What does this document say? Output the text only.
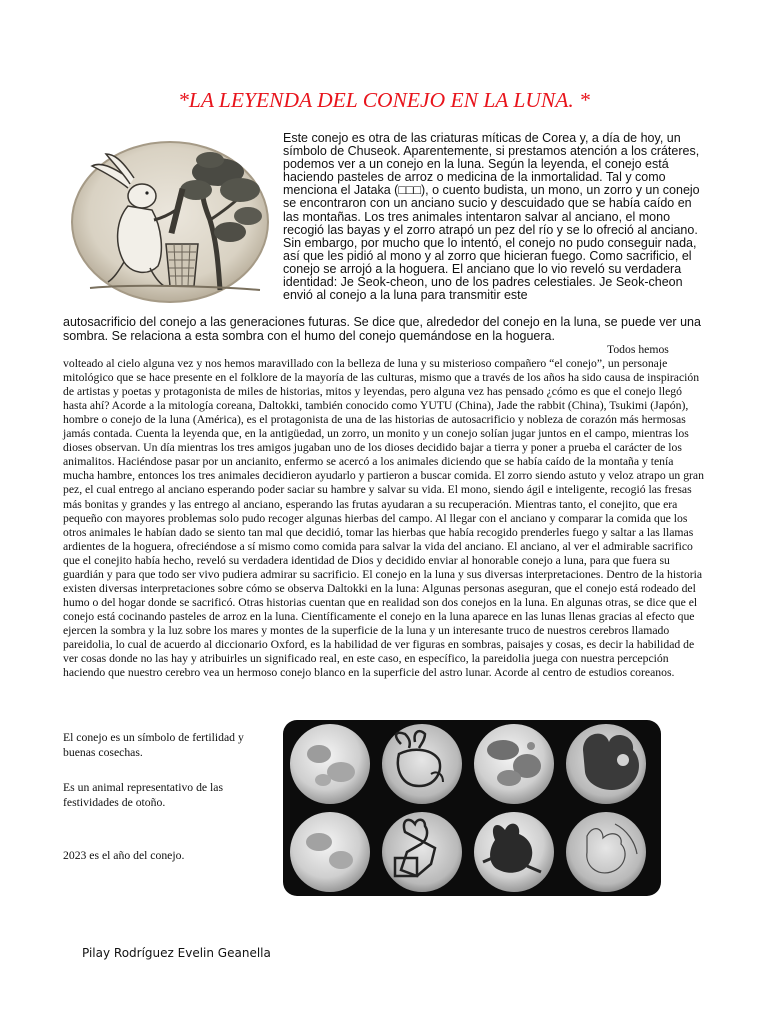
*LA LEYENDA DEL CONEJO EN LA LUNA. *

Este conejo es otra de las criaturas míticas de Corea y, a día de hoy, un símbolo de Chuseok. Aparentemente, si prestamos atención a los cráteres, podemos ver a un conejo en la luna. Según la leyenda, el conejo está haciendo pasteles de arroz o medicina de la inmortalidad. Tal y como menciona el Jataka (□□□), o cuento budista, un mono, un zorro y un conejo se encontraron con un anciano sucio y descuidado que se había caído en las montañas. Los tres animales intentaron salvar al anciano, el mono recogió las bayas y el zorro atrapó un pez del río y se lo ofreció al anciano. Sin embargo, por mucho que lo intentó, el conejo no pudo conseguir nada, así que les pidió al mono y al zorro que hicieran fuego. Como sacrificio, el conejo se arrojó a la hoguera. El anciano que lo vio reveló su verdadera identidad: Je Seok-cheon, uno de los padres celestiales. Je Seok-cheon envió al conejo a la luna para transmitir este

autosacrificio del conejo a las generaciones futuras. Se dice que, alrededor del conejo en la luna, se puede ver una sombra. Se relaciona a esta sombra con el humo del conejo quemándose en la hoguera.

Todos hemos volteado al cielo alguna vez y nos hemos maravillado con la belleza de luna y su misterioso compañero “el conejo”, un personaje mitológico que se hace presente en el folklore de la mayoría de las culturas, mismo que a través de los años ha sido causa de inspiración de artistas y poetas y protagonista de miles de historias, mitos y leyendas, pero alguna vez has pensado ¿cómo es que el conejo llegó hasta ahí? Acorde a la mitología coreana, Daltokki, también conocido como YUTU (China), Jade the rabbit (China), Tsukimi (Japón), hombre o conejo de la luna (América), es el protagonista de una de las historias de autosacrificio y nobleza de corazón más hermosas jamás contada. Cuenta la leyenda que, en la antigüedad, un zorro, un monito y un conejo solían jugar juntos en el campo, mientras los dioses observan. Un día mientras los tres amigos jugaban uno de los dioses decidido bajar a tierra y poner a prueba el carácter de los animalitos. Haciéndose pasar por un ancianito, enfermo se acercó a los animales diciendo que se había caído de la montaña y tenía mucha hambre, entonces los tres animales decidieron ayudarlo y partieron a buscar comida. El zorro siendo astuto y veloz atrapo un gran pez, el cual entrego al anciano esperando poder saciar su hambre y salvar su vida. El mono, siendo ágil e inteligente, recogió las fresas más bonitas y grandes y las entrego al anciano, esperando las frutas ayudaran a su recuperación. Mientras tanto, el conejito, que era pequeño con mayores problemas solo pudo recoger algunas hierbas del campo. Al llegar con el anciano y comparar la comida que los otros animales le habían dado se siento tan mal que decidió, tomar las hierbas que había recogido prenderles fuego y saltar a las llamas ardientes de la hoguera, ofreciéndose a sí mismo como comida para salvar la vida del anciano. El anciano, al ver el admirable sacrifico que el conejito había hecho, reveló su verdadera identidad de Dios y decidido enviar al honorable conejo a luna, para que fuera su guardián y para que todo ser vivo pudiera admirar su sacrificio. El conejo en la luna y sus diversas interpretaciones. Dentro de la historia existen diversas interpretaciones sobre cómo se observa Daltokki en la luna: Algunas personas aseguran, que el conejo está rodeado del humo o del hogar donde se sacrificó. Otras historias cuentan que en realidad son dos conejos en la luna. En algunas otras, se dice que el conejo está cocinando pasteles de arroz en la luna. Científicamente el conejo en la luna aparece en las lunas llenas gracias al efecto que ejercen la sombra y la luz sobre los mares y montes de la superficie de la luna y un interesante truco de nuestros cerebros llamado pareidolia, lo cual de acuerdo al diccionario Oxford, es la habilidad de ver figuras en sombras, paisajes y cosas, es decir la habilidad de ver cosas donde no las hay y atribuirles un significado real, en este caso, en específico, la pareidolia juega con nuestra percepción haciendo que nuestro cerebro vea un hermoso conejo blanco en la superficie del astro lunar. Acorde al centro de estudios coreanos.

El conejo es un símbolo de fertilidad y buenas cosechas.

Es un animal representativo de las festividades de otoño.

2023 es el año del conejo.

Pilay Rodríguez Evelin Geanella
